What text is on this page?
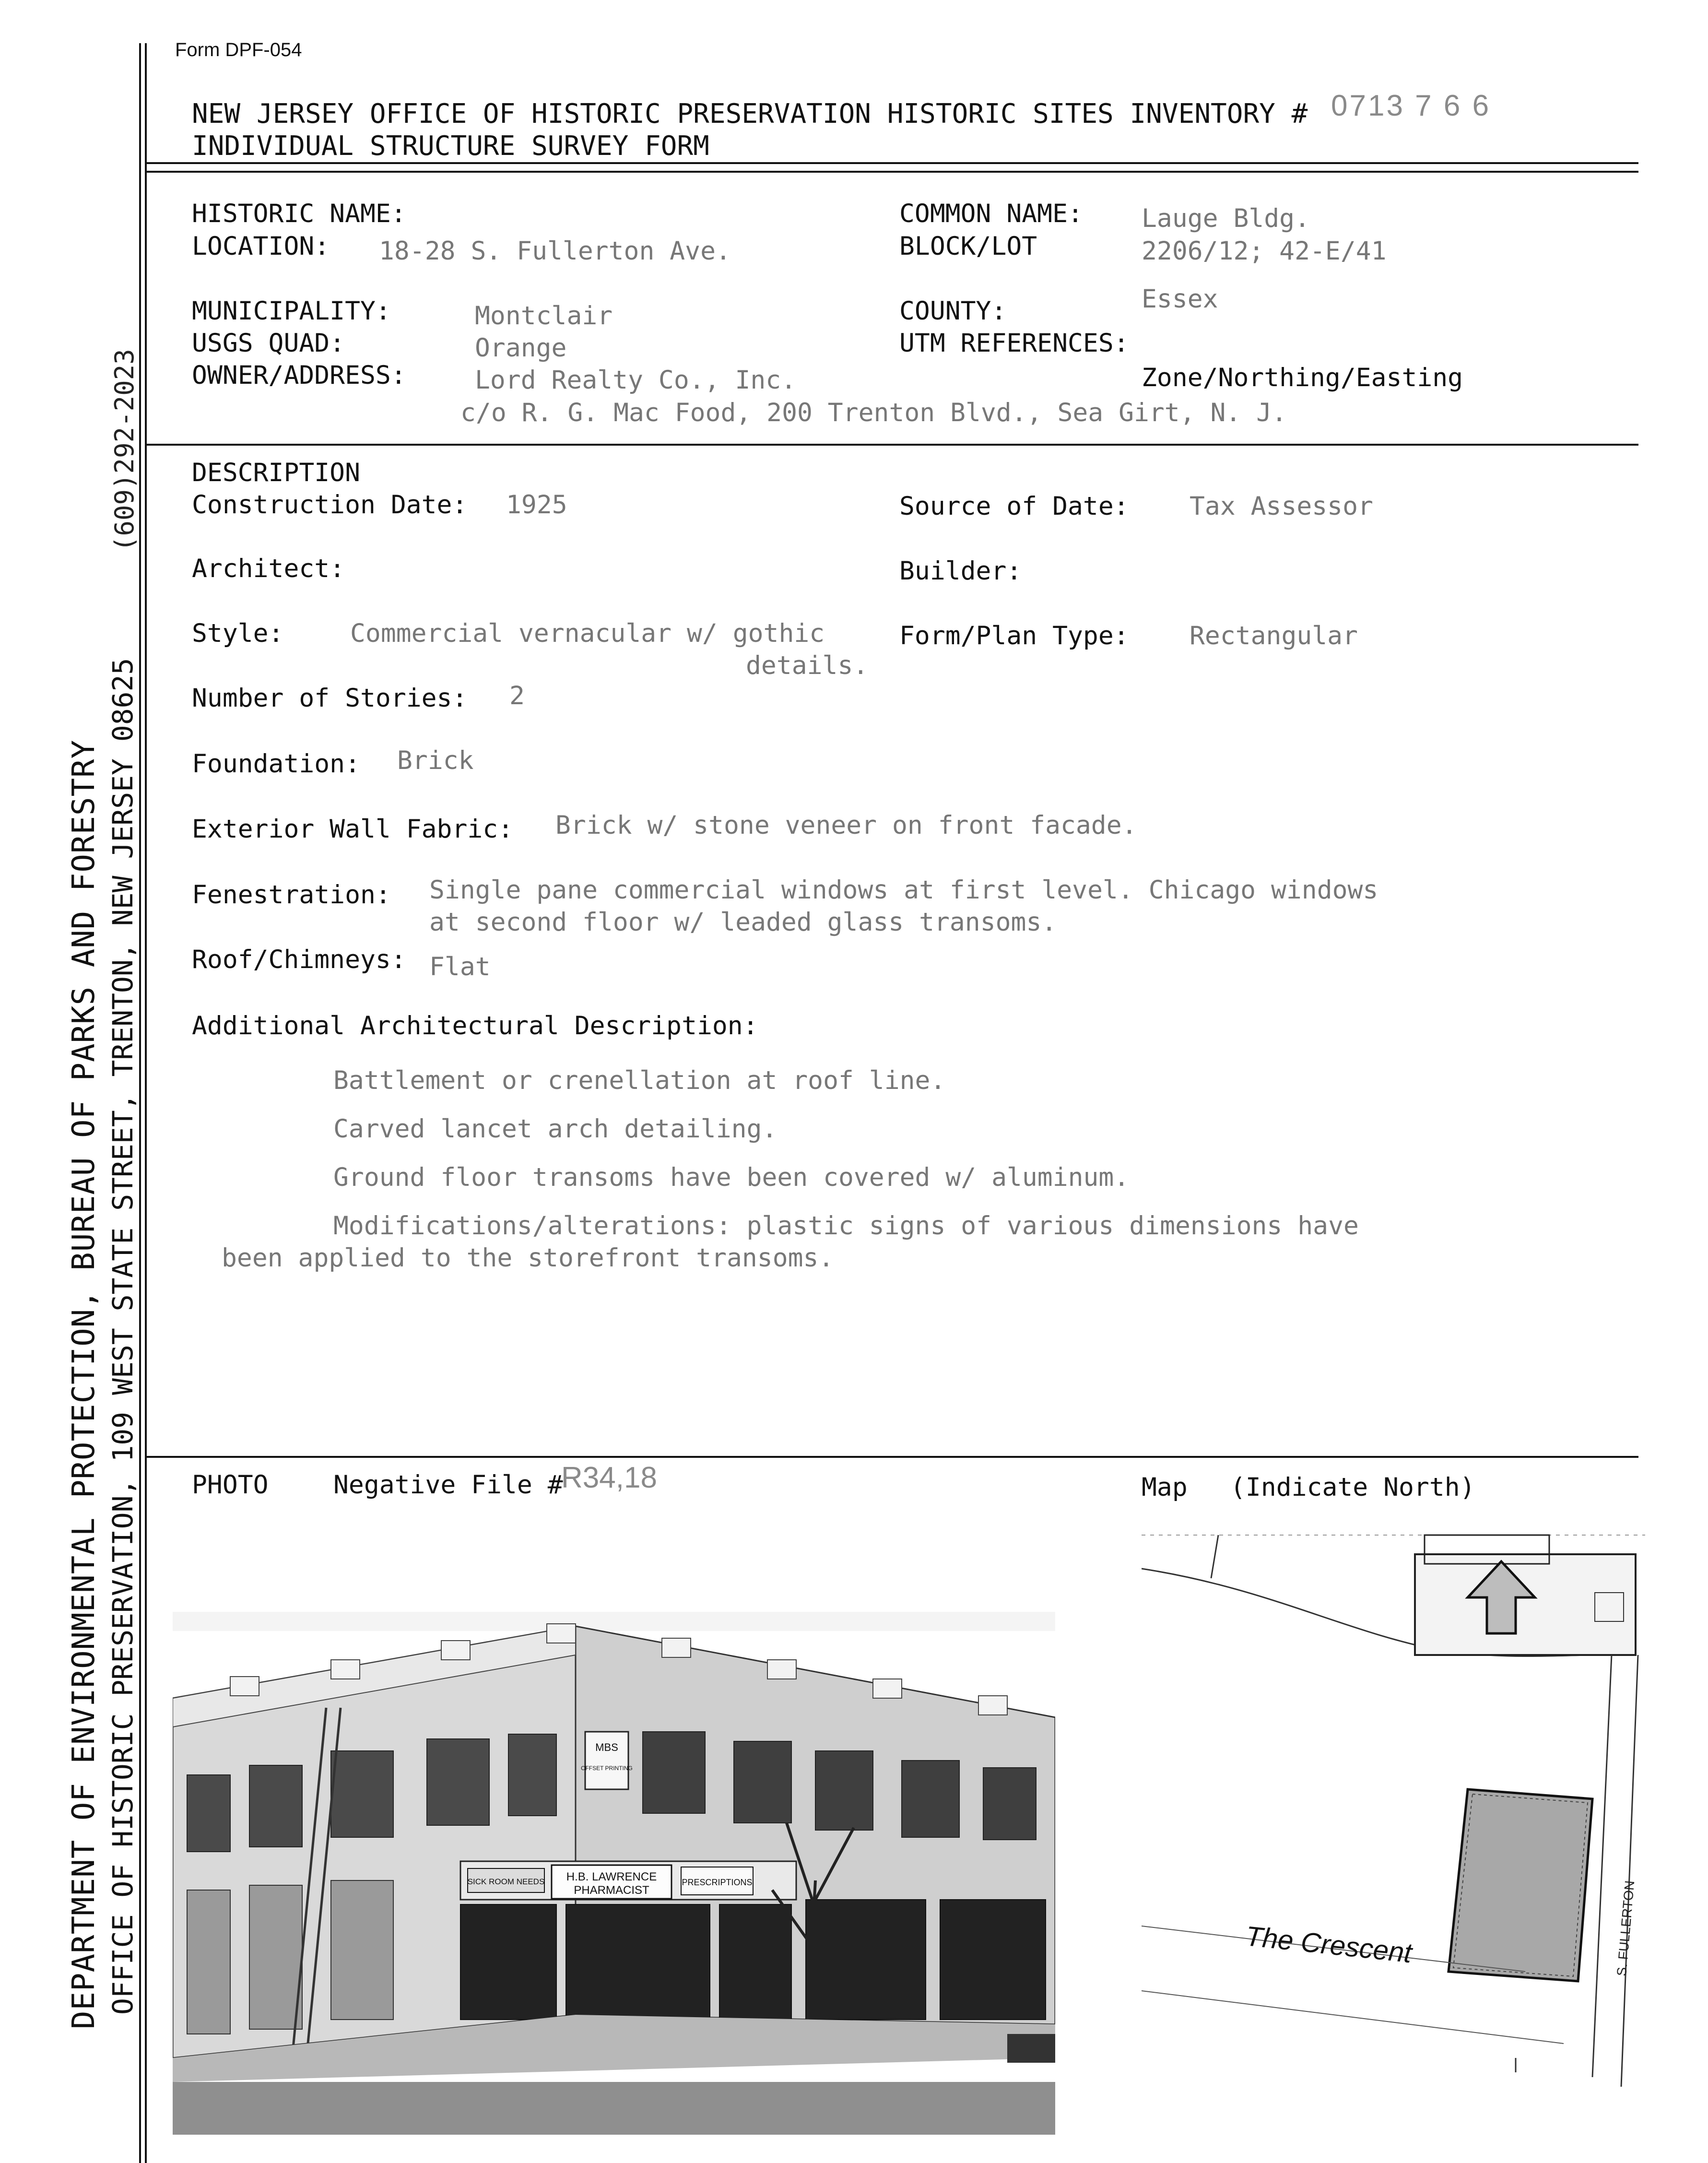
(609)292-2023
DEPARTMENT OF ENVIRONMENTAL PROTECTION, BUREAU OF PARKS AND FORESTRY OFFICE OF HISTORIC PRESERVATION, 109 WEST STATE STREET, TRENTON, NEW JERSEY 08625
Form DPF-054
NEW JERSEY OFFICE OF HISTORIC PRESERVATION HISTORIC SITES INVENTORY # 0713 7 6 6
INDIVIDUAL STRUCTURE SURVEY FORM
HISTORIC NAME:	COMMON NAME: Lauge Bldg.
LOCATION: 18-28 S. Fullerton Ave.	BLOCK/LOT	2206/12; 42-E/41
MUNICIPALITY:	Montclair	COUNTY:	Essex
USGS QUAD:	Orange	UTM REFERENCES:
OWNER/ADDRESS:	Lord Realty Co., Inc.	Zone/Northing/Easting
c/o R. G. Mac Food, 200 Trenton Blvd., Sea Girt, N. J.
DESCRIPTION
Construction Date: 1925	Source of Date: Tax Assessor
Architect:	Builder:
Style:	Commercial vernacular w/ gothic
details.
Form/Plan Type: Rectangular
Number of Stories: 2
Foundation: Brick
Exterior Wall Fabric: Brick w/ stone veneer on front facade.
Fenestration: Single pane commercial windows at first level. Chicago windows
at second floor w/ leaded glass transoms.
Roof/Chimneys: Flat
Additional Architectural Description:
Battlement or crenellation at roof line.
Carved lancet arch detailing.
Ground floor transoms have been covered w/ aluminum.
Modifications/alterations: plastic signs of various dimensions have
been applied to the storefront transoms.
PHOTO	Negative File #
R34,18
H.B. LAWRENCE
PHARMACIST
PRESCRIPTIONS
SICK ROOM NEEDS
MBS
OFFSET PRINTING
Map (Indicate North)
The Crescent	S. FULLERTON
